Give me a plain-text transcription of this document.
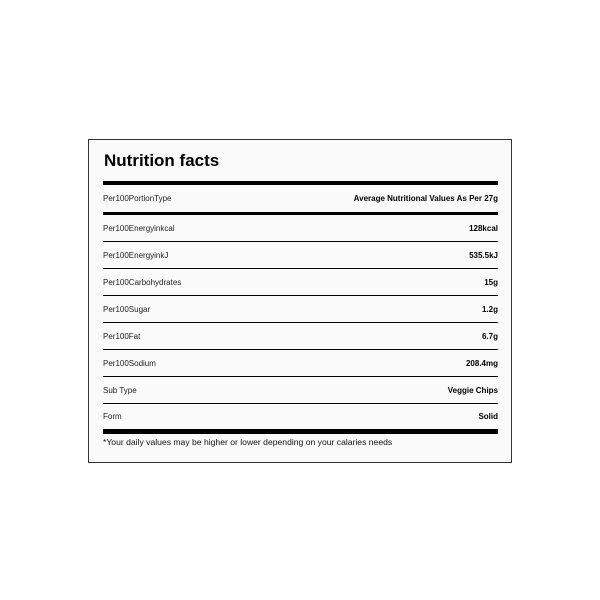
Nutrition facts
Per100PortionType	Average Nutritional Values As Per 27g
Per100Energyinkcal	128kcal
Per100EnergyinkJ	535.5kJ
Per100Carbohydrates	15g
Per100Sugar	1.2g
Per100Fat	6.7g
Per100Sodium	208.4mg
Sub Type	Veggie Chips
Form	Solid
*Your daily values may be higher or lower depending on your calaries needs
